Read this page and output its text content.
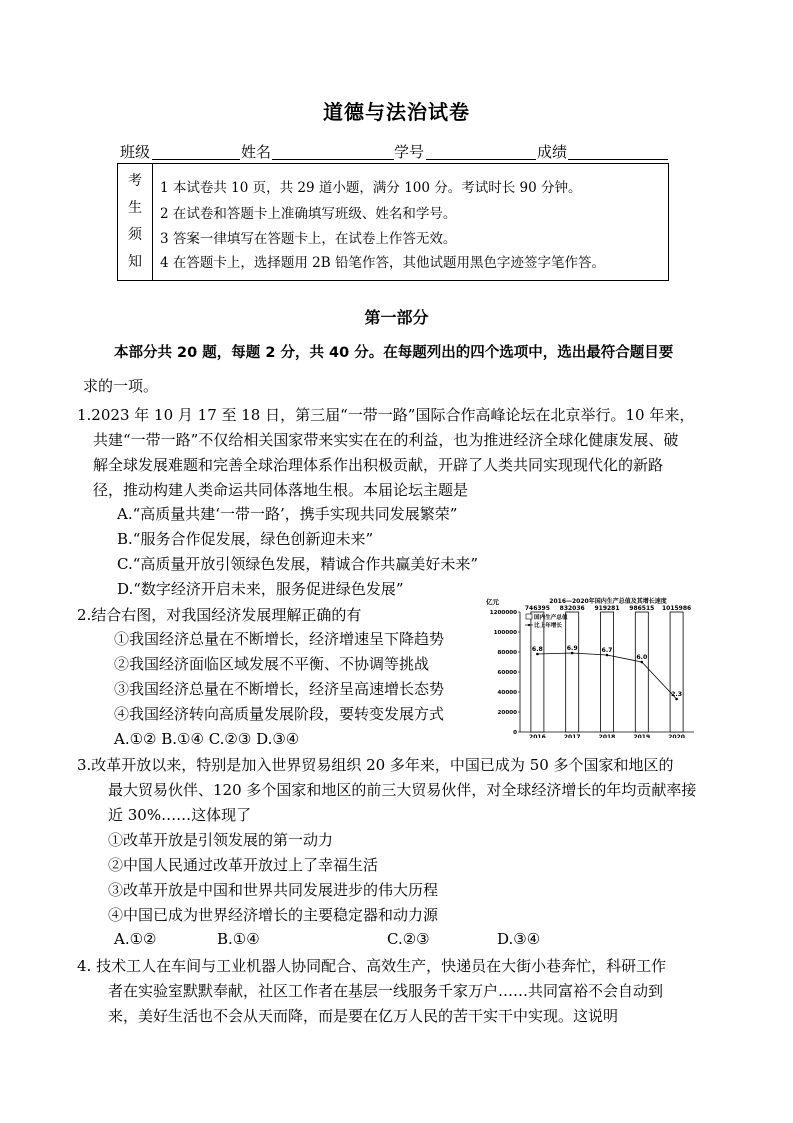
道德与法治试卷
班级	姓名	学号	成绩
考
生
须
知
1 本试卷共 10 页，共 29 道小题，满分 100 分。考试时长 90 分钟。
2 在试卷和答题卡上准确填写班级、姓名和学号。
3 答案一律填写在答题卡上，在试卷上作答无效。
4 在答题卡上，选择题用 2B 铅笔作答，其他试题用黑色字迹签字笔作答。
第一部分
本部分共 20 题，每题 2 分，共 40 分。在每题列出的四个选项中，选出最符合题目要
求的一项。
1.2023 年 10 月 17 至 18 日，第三届“一带一路”国际合作高峰论坛在北京举行。10 年来，
共建“一带一路”不仅给相关国家带来实实在在的利益，也为推进经济全球化健康发展、破
解全球发展难题和完善全球治理体系作出积极贡献，开辟了人类共同实现现代化的新路
径，推动构建人类命运共同体落地生根。本届论坛主题是
A.“高质量共建‘一带一路’，携手实现共同发展繁荣”
B.“服务合作促发展，绿色创新迎未来”
C.“高质量开放引领绿色发展，精诚合作共赢美好未来”
D.“数字经济开启未来，服务促进绿色发展”
2.结合右图，对我国经济发展理解正确的有
①我国经济总量在不断增长，经济增速呈下降趋势
②我国经济面临区域发展不平衡、不协调等挑战
③我国经济总量在不断增长，经济呈高速增长态势
④我国经济转向高质量发展阶段，要转变发展方式
A.①② B.①④ C.②③ D.③④
2016—2020年国内生产总值及其增长速度
亿元
0
20000
40000
60000
80000
100000
1200000
746395
2016
832036
2017
919281
2018
986515
2019
1015986
2020
6.8	6.9	6.7
6.0
2.3
国内生产总值
比上年增长
3.改革开放以来，特别是加入世界贸易组织 20 多年来，中国已成为 50 多个国家和地区的
最大贸易伙伴、120 多个国家和地区的前三大贸易伙伴，对全球经济增长的年均贡献率接
近 30%……这体现了
①改革开放是引领发展的第一动力
②中国人民通过改革开放过上了幸福生活
③改革开放是中国和世界共同发展进步的伟大历程
④中国已成为世界经济增长的主要稳定器和动力源
A.①②	B.①④	C.②③	D.③④
4. 技术工人在车间与工业机器人协同配合、高效生产，快递员在大街小巷奔忙，科研工作
者在实验室默默奉献，社区工作者在基层一线服务千家万户……共同富裕不会自动到
来，美好生活也不会从天而降，而是要在亿万人民的苦干实干中实现。这说明
